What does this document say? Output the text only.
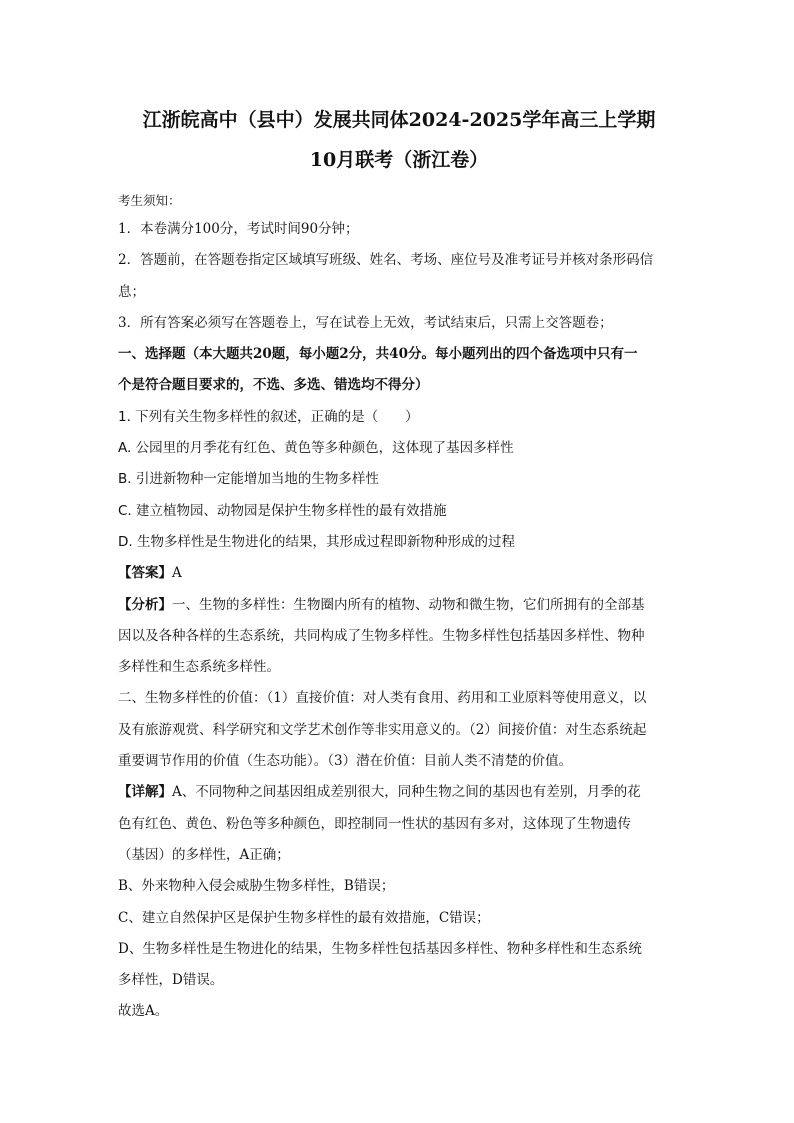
江浙皖高中（县中）发展共同体2024-2025学年高三上学期

10月联考（浙江卷）

考生须知：

1．本卷满分100分，考试时间90分钟；

2．答题前，在答题卷指定区域填写班级、姓名、考场、座位号及准考证号并核对条形码信

息；

3．所有答案必须写在答题卷上，写在试卷上无效，考试结束后，只需上交答题卷；

一、选择题（本大题共20题，每小题2分，共40分。每小题列出的四个备选项中只有一

个是符合题目要求的，不选、多选、错选均不得分）

1. 下列有关生物多样性的叙述，正确的是（　　）

A. 公园里的月季花有红色、黄色等多种颜色，这体现了基因多样性

B. 引进新物种一定能增加当地的生物多样性

C. 建立植物园、动物园是保护生物多样性的最有效措施

D. 生物多样性是生物进化的结果，其形成过程即新物种形成的过程

【答案】A

【分析】一、生物的多样性：生物圈内所有的植物、动物和微生物，它们所拥有的全部基

因以及各种各样的生态系统，共同构成了生物多样性。生物多样性包括基因多样性、物种

多样性和生态系统多样性。

二、生物多样性的价值：（1）直接价值：对人类有食用、药用和工业原料等使用意义，以

及有旅游观赏、科学研究和文学艺术创作等非实用意义的。（2）间接价值：对生态系统起

重要调节作用的价值（生态功能）。（3）潜在价值：目前人类不清楚的价值。

【详解】A、不同物种之间基因组成差别很大，同种生物之间的基因也有差别，月季的花

色有红色、黄色、粉色等多种颜色，即控制同一性状的基因有多对，这体现了生物遗传

（基因）的多样性，A正确；

B、外来物种入侵会威胁生物多样性，B错误；

C、建立自然保护区是保护生物多样性的最有效措施，C错误；

D、生物多样性是生物进化的结果，生物多样性包括基因多样性、物种多样性和生态系统

多样性，D错误。

故选A。
